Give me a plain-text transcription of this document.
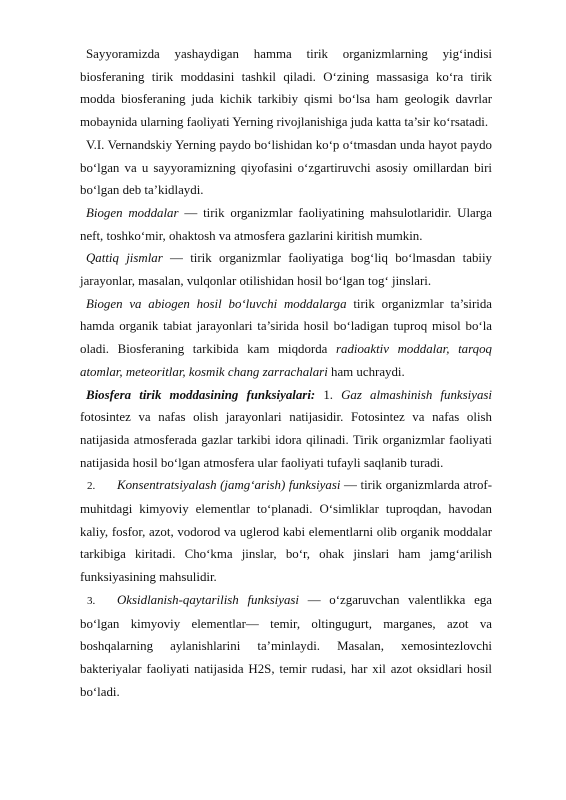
Sayyoramizda yashaydigan hamma tirik organizmlarning yig‘indisi biosferaning tirik moddasini tashkil qiladi. O‘zining massasiga ko‘ra tirik modda biosferaning juda kichik tarkibiy qismi bo‘lsa ham geologik davrlar mobaynida ularning faoliyati Yerning rivojlanishiga juda katta ta’sir ko‘rsatadi.

V.I. Vernandskiy Yerning paydo bo‘lishidan ko‘p o‘tmasdan unda hayot paydo bo‘lgan va u sayyoramizning qiyofasini o‘zgartiruvchi asosiy omillardan biri bo‘lgan deb ta’kidlaydi.

Biogen moddalar — tirik organizmlar faoliyatining mahsulotlaridir. Ularga neft, toshko‘mir, ohaktosh va atmosfera gazlarini kiritish mumkin.

Qattiq jismlar — tirik organizmlar faoliyatiga bog‘liq bo‘lmasdan tabiiy jarayonlar, masalan, vulqonlar otilishidan hosil bo‘lgan tog‘ jinslari.

Biogen va abiogen hosil bo‘luvchi moddalarga tirik organizmlar ta’sirida hamda organik tabiat jarayonlari ta’sirida hosil bo‘ladigan tuproq misol bo‘la oladi. Biosferaning tarkibida kam miqdorda radioaktiv moddalar, tarqoq atomlar, meteoritlar, kosmik chang zarrachalari ham uchraydi.

Biosfera tirik moddasining funksiyalari: 1. Gaz almashinish funksiyasi fotosintez va nafas olish jarayonlari natijasidir. Fotosintez va nafas olish natijasida atmosferada gazlar tarkibi idora qilinadi. Tirik organizmlar faoliyati natijasida hosil bo‘lgan atmosfera ular faoliyati tufayli saqlanib turadi.

2. Konsentratsiyalash (jamg‘arish) funksiyasi — tirik organizmlarda atrof-muhitdagi kimyoviy elementlar to‘planadi. O‘simliklar tuproqdan, havodan kaliy, fosfor, azot, vodorod va uglerod kabi elementlarni olib organik moddalar tarkibiga kiritadi. Cho‘kma jinslar, bo‘r, ohak jinslari ham jamg‘arilish funksiyasining mahsulidir.

3. Oksidlanish-qaytarilish funksiyasi — o‘zgaruvchan valentlikka ega bo‘lgan kimyoviy elementlar— temir, oltingugurt, marganes, azot va boshqalarning aylanishlarini ta’minlaydi. Masalan, xemosintezlovchi bakteriyalar faoliyati natijasida H2S, temir rudasi, har xil azot oksidlari hosil bo‘ladi.
